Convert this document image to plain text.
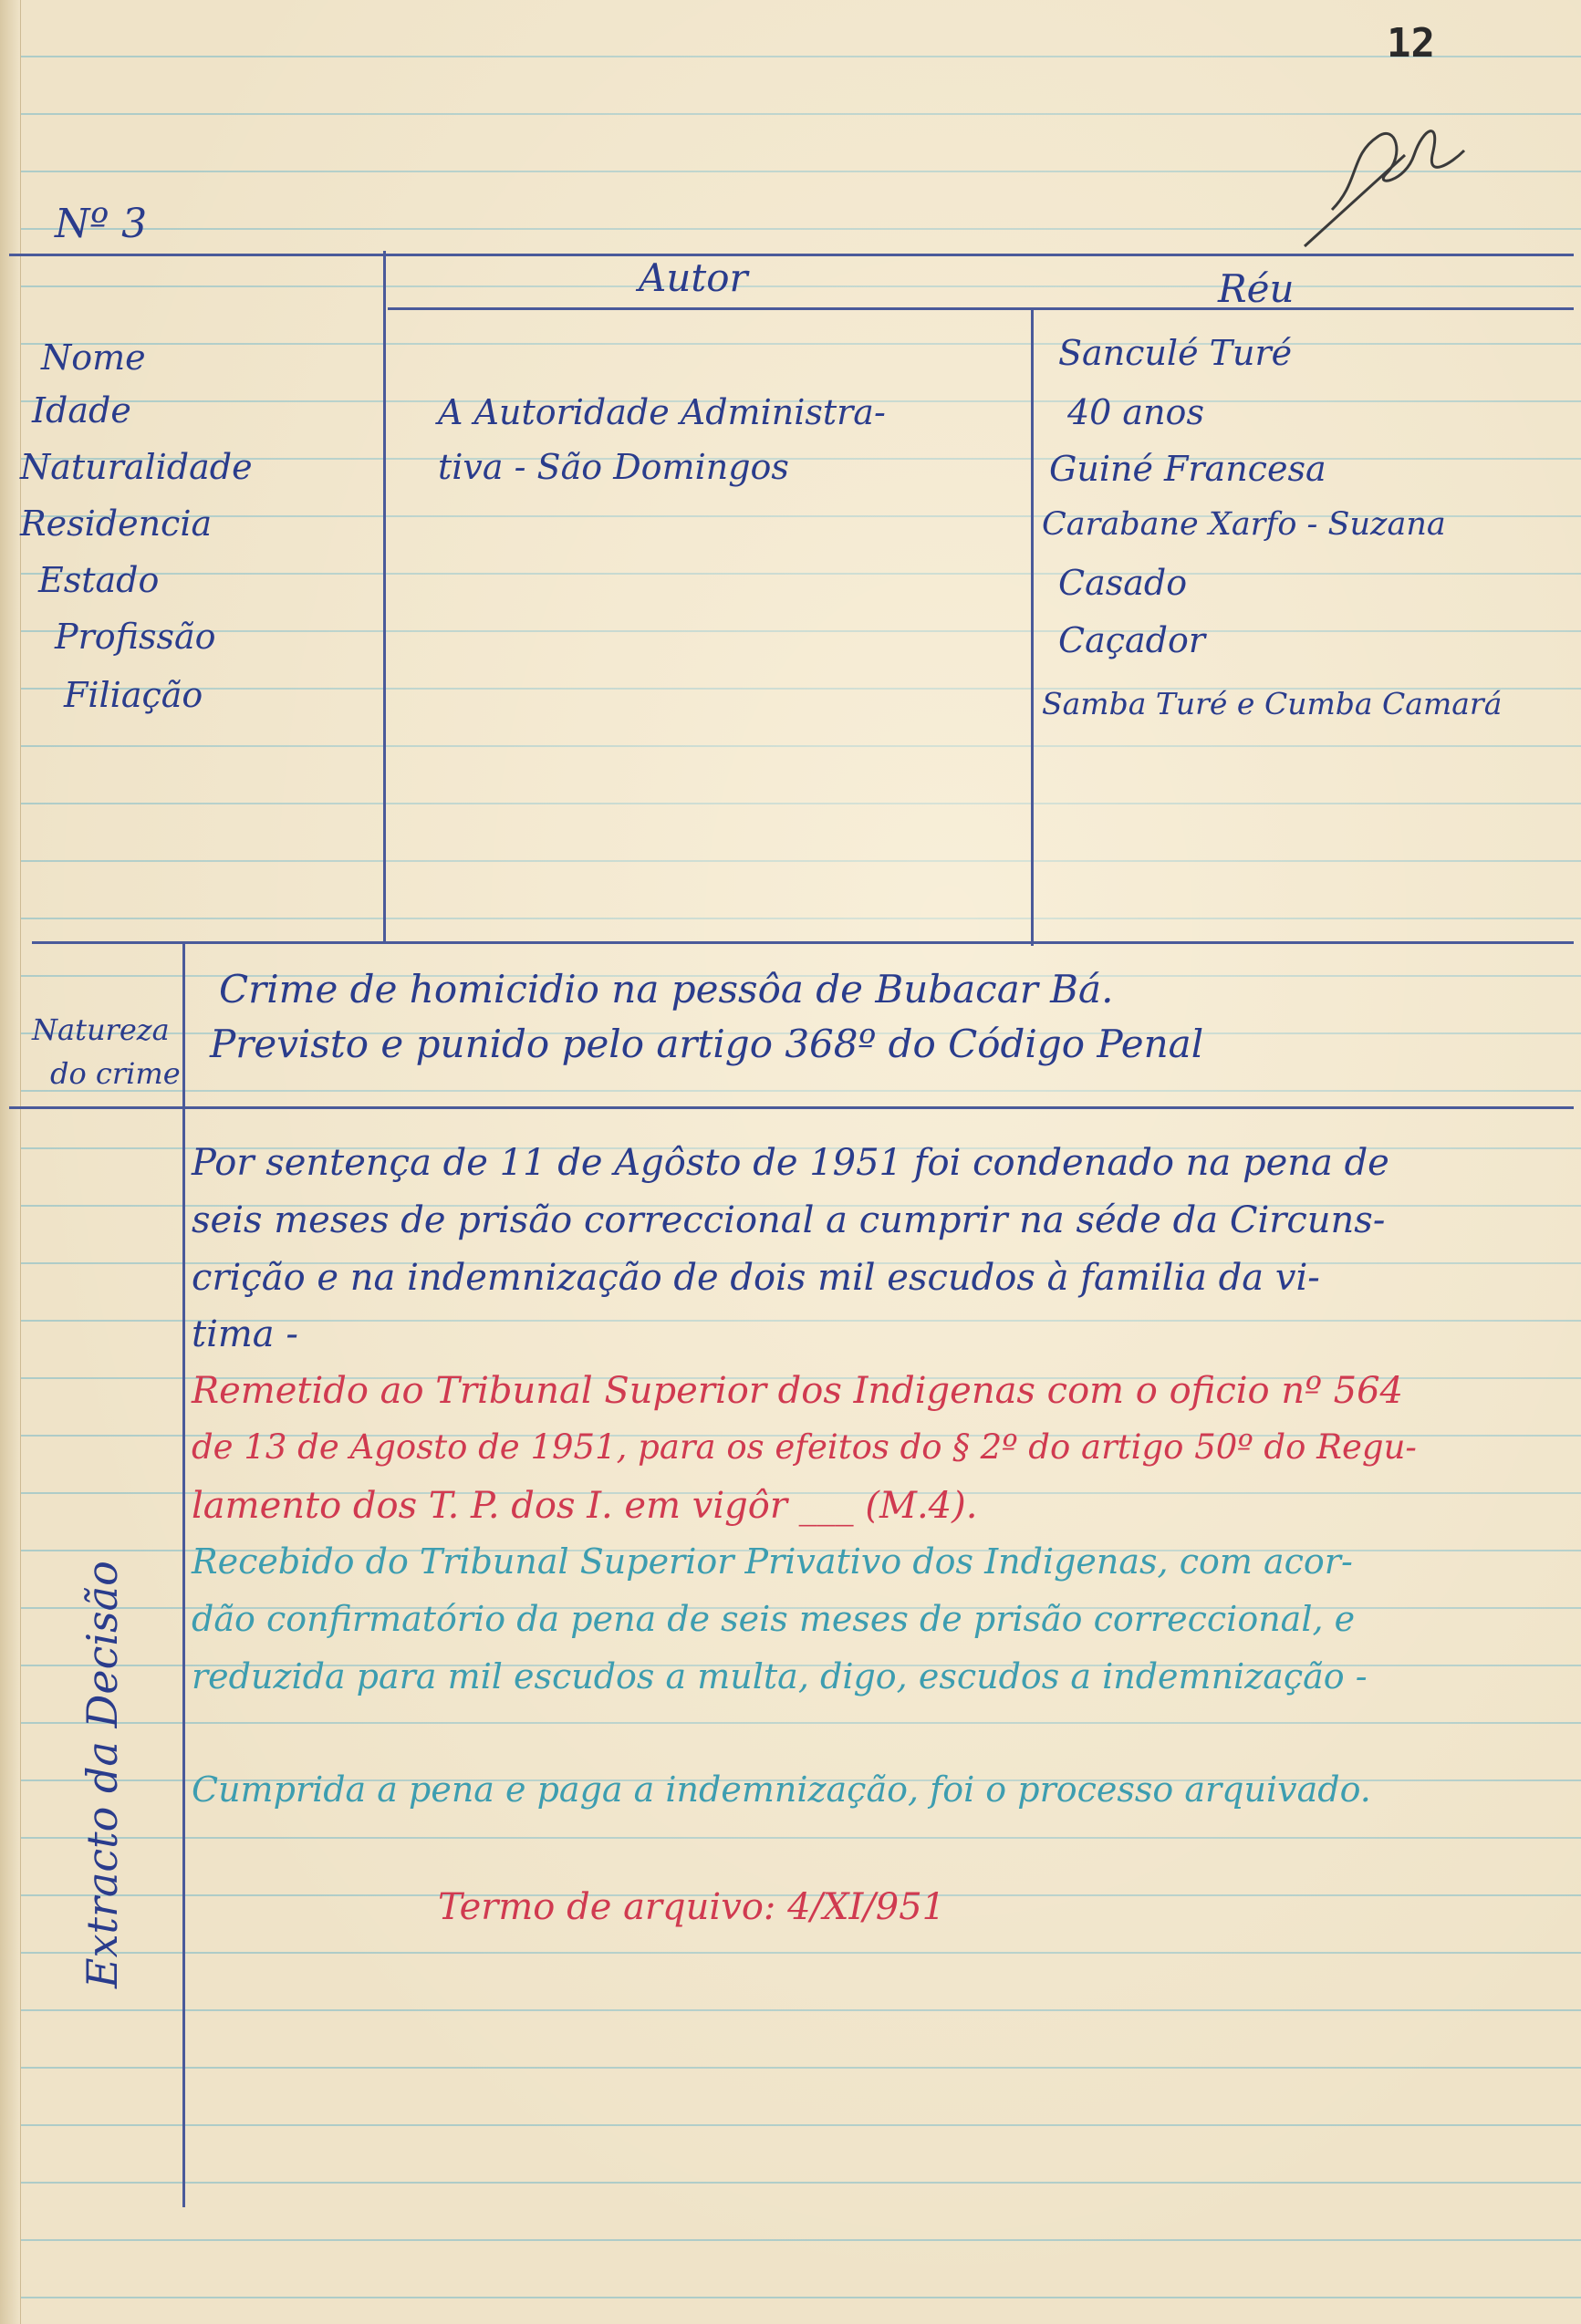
12
Nº 3
Autor	Réu
Nome
Idade
Naturalidade
Residencia
Estado
Profissão
Filiação
A Autoridade Administra-
tiva - São Domingos
Sanculé Turé
40 anos
Guiné Francesa
Carabane Xarfo - Suzana
Casado
Caçador
Samba Turé e Cumba Camará
Natureza
do crime
Crime de homicidio na pessôa de Bubacar Bá.
Previsto e punido pelo artigo 368º do Código Penal
Extracto da Decisão
Por sentença de 11 de Agôsto de 1951 foi condenado na pena de
seis meses de prisão correccional a cumprir na séde da Circuns-
crição e na indemnização de dois mil escudos à familia da vi-
tima -
Remetido ao Tribunal Superior dos Indigenas com o oficio nº 564
de 13 de Agosto de 1951, para os efeitos do § 2º do artigo 50º do Regu-
lamento dos T. P. dos I. em vigôr ___ (M.4).
Recebido do Tribunal Superior Privativo dos Indigenas, com acor-
dão confirmatório da pena de seis meses de prisão correccional, e
reduzida para mil escudos a multa, digo, escudos a indemnização -
Cumprida a pena e paga a indemnização, foi o processo arquivado.
Termo de arquivo: 4/XI/951
